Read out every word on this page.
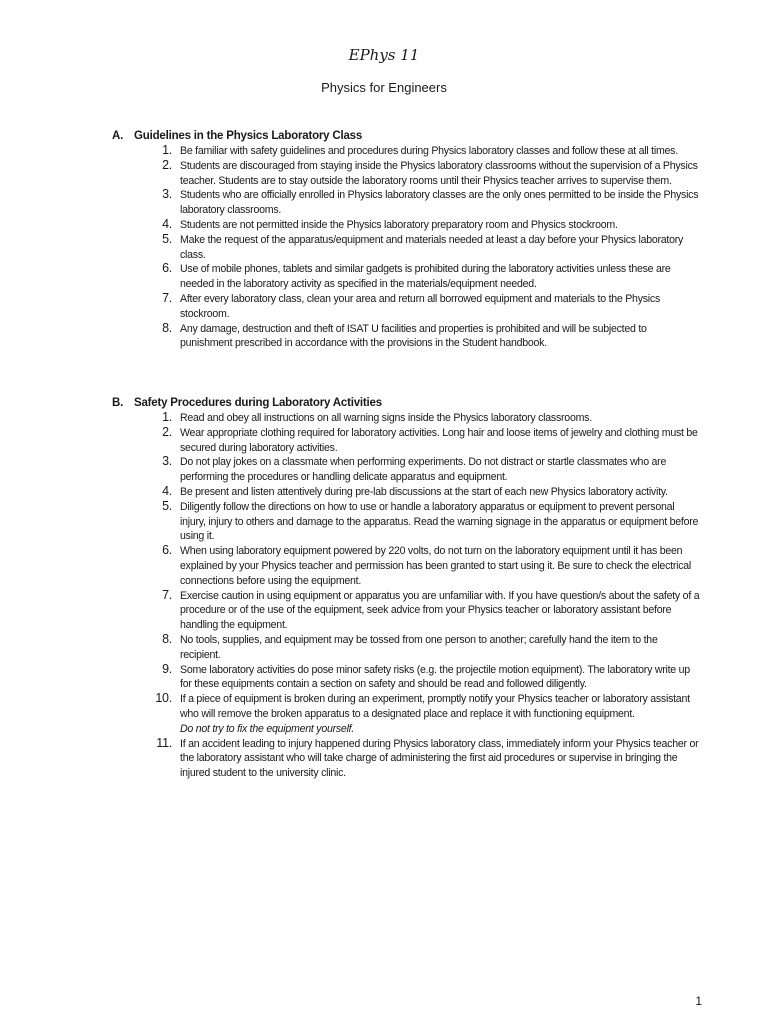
EPhys 11
Physics for Engineers
A. Guidelines in the Physics Laboratory Class
1. Be familiar with safety guidelines and procedures during Physics laboratory classes and follow these at all times.
2. Students are discouraged from staying inside the Physics laboratory classrooms without the supervision of a Physics teacher. Students are to stay outside the laboratory rooms until their Physics teacher arrives to supervise them.
3. Students who are officially enrolled in Physics laboratory classes are the only ones permitted to be inside the Physics laboratory classrooms.
4. Students are not permitted inside the Physics laboratory preparatory room and Physics stockroom.
5. Make the request of the apparatus/equipment and materials needed at least a day before your Physics laboratory class.
6. Use of mobile phones, tablets and similar gadgets is prohibited during the laboratory activities unless these are needed in the laboratory activity as specified in the materials/equipment needed.
7. After every laboratory class, clean your area and return all borrowed equipment and materials to the Physics stockroom.
8. Any damage, destruction and theft of ISAT U facilities and properties is prohibited and will be subjected to punishment prescribed in accordance with the provisions in the Student handbook.
B. Safety Procedures during Laboratory Activities
1. Read and obey all instructions on all warning signs inside the Physics laboratory classrooms.
2. Wear appropriate clothing required for laboratory activities. Long hair and loose items of jewelry and clothing must be secured during laboratory activities.
3. Do not play jokes on a classmate when performing experiments. Do not distract or startle classmates who are performing the procedures or handling delicate apparatus and equipment.
4. Be present and listen attentively during pre-lab discussions at the start of each new Physics laboratory activity.
5. Diligently follow the directions on how to use or handle a laboratory apparatus or equipment to prevent personal injury, injury to others and damage to the apparatus. Read the warning signage in the apparatus or equipment before using it.
6. When using laboratory equipment powered by 220 volts, do not turn on the laboratory equipment until it has been explained by your Physics teacher and permission has been granted to start using it. Be sure to check the electrical connections before using the equipment.
7. Exercise caution in using equipment or apparatus you are unfamiliar with. If you have question/s about the safety of a procedure or of the use of the equipment, seek advice from your Physics teacher or laboratory assistant before handling the equipment.
8. No tools, supplies, and equipment may be tossed from one person to another; carefully hand the item to the recipient.
9. Some laboratory activities do pose minor safety risks (e.g. the projectile motion equipment). The laboratory write up for these equipments contain a section on safety and should be read and followed diligently.
10. If a piece of equipment is broken during an experiment, promptly notify your Physics teacher or laboratory assistant who will remove the broken apparatus to a designated place and replace it with functioning equipment.
Do not try to fix the equipment yourself.
11. If an accident leading to injury happened during Physics laboratory class, immediately inform your Physics teacher or the laboratory assistant who will take charge of administering the first aid procedures or supervise in bringing the injured student to the university clinic.
1
